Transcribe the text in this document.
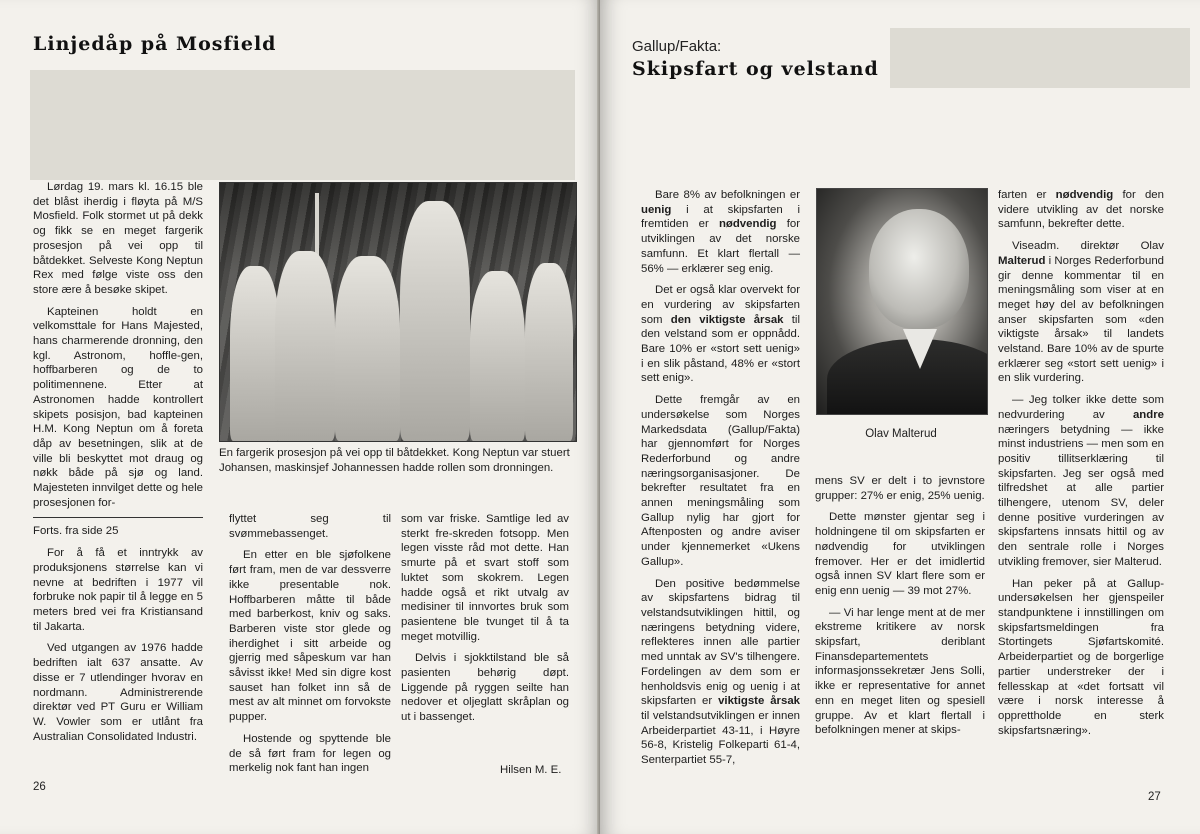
Linjedåp på Mosfield

Lørdag 19. mars kl. 16.15 ble det blåst iherdig i fløyta på M/S Mosfield. Folk stormet ut på dekk og fikk se en meget fargerik prosesjon på vei opp til båtdekket. Selveste Kong Neptun Rex med følge viste oss den store ære å besøke skipet.

Kapteinen holdt en velkomsttale for Hans Majested, hans charmerende dronning, den kgl. Astronom, hoffle-gen, hoffbarberen og de to politimennene. Etter at Astronomen hadde kontrollert skipets posisjon, bad kapteinen H.M. Kong Neptun om å foreta dåp av besetningen, slik at de ville bli beskyttet mot draug og nøkk både på sjø og land. Majesteten innvilget dette og hele prosesjonen for-

Forts. fra side 25

For å få et inntrykk av produksjonens størrelse kan vi nevne at bedriften i 1977 vil forbruke nok papir til å legge en 5 meters bred vei fra Kristiansand til Jakarta.

Ved utgangen av 1976 hadde bedriften ialt 637 ansatte. Av disse er 7 utlendinger hvorav en nordmann. Administrerende direktør ved PT Guru er William W. Vowler som er utlånt fra Australian Consolidated Industri.

En fargerik prosesjon på vei opp til båtdekket. Kong Neptun var stuert Johansen, maskinsjef Johannessen hadde rollen som dronningen.

flyttet seg til svømmebassenget.

En etter en ble sjøfolkene ført fram, men de var dessverre ikke presentable nok. Hoffbarberen måtte til både med barberkost, kniv og saks. Barberen viste stor glede og iherdighet i sitt arbeide og gjerrig med såpeskum var han såvisst ikke! Med sin digre kost sauset han folket inn så de mest av alt minnet om forvokste pupper.

Hostende og spyttende ble de så ført fram for legen og merkelig nok fant han ingen

som var friske. Samtlige led av sterkt fre-skreden fotsopp. Men legen visste råd mot dette. Han smurte på et svart stoff som luktet som skokrem. Legen hadde også et rikt utvalg av medisiner til innvortes bruk som pasientene ble tvunget til å ta meget motvillig.

Delvis i sjokktilstand ble så pasienten behørig døpt. Liggende på ryggen seilte han nedover et oljeglatt skråplan og ut i bassenget.

Hilsen M. E.
26
Gallup/Fakta:
Skipsfart og velstand

Bare 8% av befolkningen er uenig i at skipsfarten i fremtiden er nødvendig for utviklingen av det norske samfunn. Et klart flertall — 56% — erklærer seg enig.

Det er også klar overvekt for en vurdering av skipsfarten som den viktigste årsak til den velstand som er oppnådd. Bare 10% er «stort sett uenig» i en slik påstand, 48% er «stort sett enig».

Dette fremgår av en undersøkelse som Norges Markedsdata (Gallup/Fakta) har gjennomført for Norges Rederforbund og andre næringsorganisasjoner. De bekrefter resultatet fra en annen meningsmåling som Gallup nylig har gjort for Aftenposten og andre aviser under kjennemerket «Ukens Gallup».

Den positive bedømmelse av skipsfartens bidrag til velstandsutviklingen hittil, og næringens betydning videre, reflekteres innen alle partier med unntak av SV's tilhengere. Fordelingen av dem som er henholdsvis enig og uenig i at skipsfarten er viktigste årsak til velstandsutviklingen er innen Arbeiderpartiet 43-11, i Høyre 56-8, Kristelig Folkeparti 61-4, Senterpartiet 55-7,

Olav Malterud

mens SV er delt i to jevnstore grupper: 27% er enig, 25% uenig.

Dette mønster gjentar seg i holdningene til om skipsfarten er nødvendig for utviklingen fremover. Her er det imidlertid også innen SV klart flere som er enig enn uenig — 39 mot 27%.

— Vi har lenge ment at de mer ekstreme kritikere av norsk skipsfart, deriblant Finansdepartementets informasjonssekretær Jens Solli, ikke er representative for annet enn en meget liten og spesiell gruppe. Av et klart flertall i befolkningen mener at skips-

farten er nødvendig for den videre utvikling av det norske samfunn, bekrefter dette.

Viseadm. direktør Olav Malterud i Norges Rederforbund gir denne kommentar til en meningsmåling som viser at en meget høy del av befolkningen anser skipsfarten som «den viktigste årsak» til landets velstand. Bare 10% av de spurte erklærer seg «stort sett uenig» i en slik vurdering.

— Jeg tolker ikke dette som nedvurdering av andre næringers betydning — ikke minst industriens — men som en positiv tillitserklæring til skipsfarten. Jeg ser også med tilfredshet at alle partier tilhengere, utenom SV, deler denne positive vurderingen av skipsfartens innsats hittil og av den sentrale rolle i Norges utvikling fremover, sier Malterud.

Han peker på at Gallup-undersøkelsen her gjenspeiler standpunktene i innstillingen om skipsfartsmeldingen fra Stortingets Sjøfartskomité. Arbeiderpartiet og de borgerlige partier understreker der i fellesskap at «det fortsatt vil være i norsk interesse å opprettholde en sterk skipsfartsnæring».

27
